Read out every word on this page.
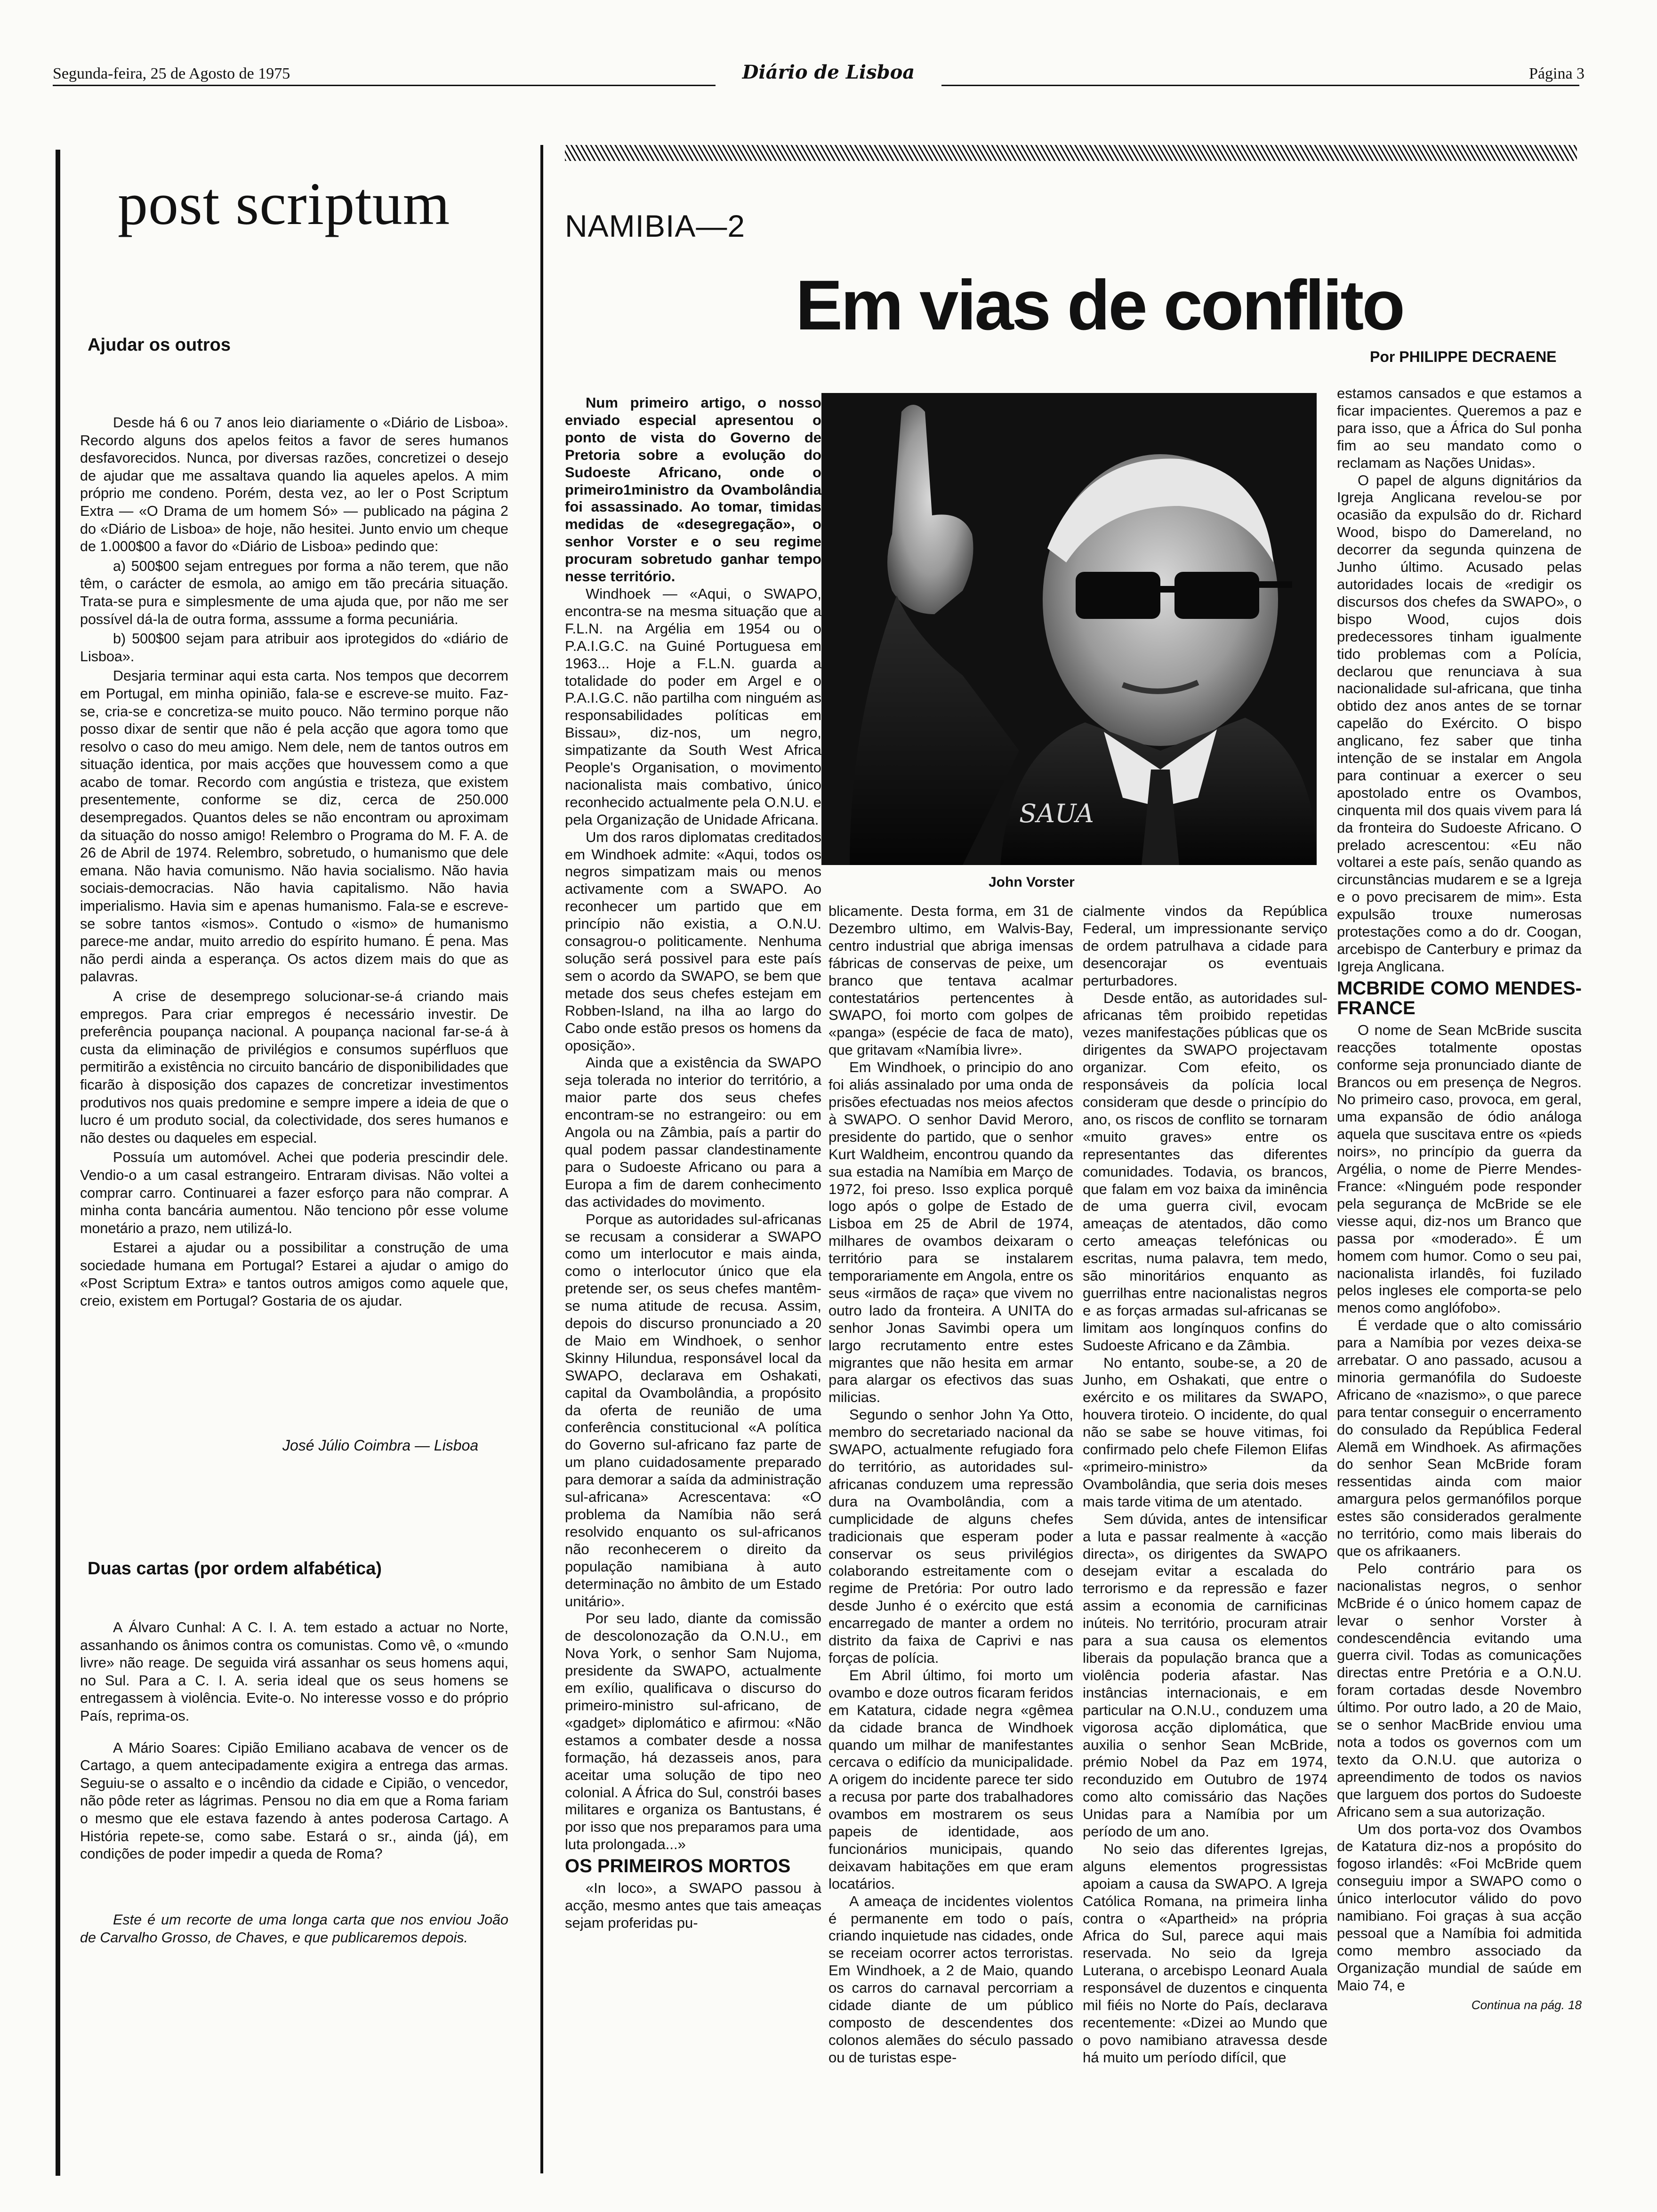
Segunda-feira, 25 de Agosto de 1975	Diário de Lisboa	Página 3
post scriptum
Ajudar os outros

Desde há 6 ou 7 anos leio diariamente o «Diário de Lisboa». Recordo alguns dos apelos feitos a favor de seres humanos desfavorecidos. Nunca, por diversas razões, concretizei o desejo de ajudar que me assaltava quando lia aqueles apelos. A mim próprio me condeno. Porém, desta vez, ao ler o Post Scriptum Extra — «O Drama de um homem Só» — publicado na página 2 do «Diário de Lisboa» de hoje, não hesitei. Junto envio um cheque de 1.000$00 a favor do «Diário de Lisboa» pedindo que:

a) 500$00 sejam entregues por forma a não terem, que não têm, o carácter de esmola, ao amigo em tão precária situação. Trata-se pura e simplesmente de uma ajuda que, por não me ser possível dá-la de outra forma, asssume a forma pecuniária.

b) 500$00 sejam para atribuir aos iprotegidos do «diário de Lisboa».

Desjaria terminar aqui esta carta. Nos tempos que decorrem em Portugal, em minha opinião, fala-se e escreve-se muito. Faz-se, cria-se e concretiza-se muito pouco. Não termino porque não posso dixar de sentir que não é pela acção que agora tomo que resolvo o caso do meu amigo. Nem dele, nem de tantos outros em situação identica, por mais acções que houvessem como a que acabo de tomar. Recordo com angústia e tristeza, que existem presentemente, conforme se diz, cerca de 250.000 desempregados. Quantos deles se não encontram ou aproximam da situação do nosso amigo! Relembro o Programa do M. F. A. de 26 de Abril de 1974. Relembro, sobretudo, o humanismo que dele emana. Não havia comunismo. Não havia socialismo. Não havia sociais-democracias. Não havia capitalismo. Não havia imperialismo. Havia sim e apenas humanismo. Fala-se e escreve-se sobre tantos «ismos». Contudo o «ismo» de humanismo parece-me andar, muito arredio do espírito humano. É pena. Mas não perdi ainda a esperança. Os actos dizem mais do que as palavras.

A crise de desemprego solucionar-se-á criando mais empregos. Para criar empregos é necessário investir. De preferência poupança nacional. A poupança nacional far-se-á à custa da eliminação de privilégios e consumos supérfluos que permitirão a existência no circuito bancário de disponibilidades que ficarão à disposição dos capazes de concretizar investimentos produtivos nos quais predomine e sempre impere a ideia de que o lucro é um produto social, da colectividade, dos seres humanos e não destes ou daqueles em especial.

Possuía um automóvel. Achei que poderia prescindir dele. Vendio-o a um casal estrangeiro. Entraram divisas. Não voltei a comprar carro. Continuarei a fazer esforço para não comprar. A minha conta bancária aumentou. Não tenciono pôr esse volume monetário a prazo, nem utilizá-lo.

Estarei a ajudar ou a possibilitar a construção de uma sociedade humana em Portugal? Estarei a ajudar o amigo do «Post Scriptum Extra» e tantos outros amigos como aquele que, creio, existem em Portugal? Gostaria de os ajudar.

José Júlio Coimbra — Lisboa
Duas cartas (por ordem alfabética)

A Álvaro Cunhal: A C. I. A. tem estado a actuar no Norte, assanhando os ânimos contra os comunistas. Como vê, o «mundo livre» não reage. De seguida virá assanhar os seus homens aqui, no Sul. Para a C. I. A. seria ideal que os seus homens se entregassem à violência. Evite-o. No interesse vosso e do próprio País, reprima-os.

A Mário Soares: Cipião Emiliano acabava de vencer os de Cartago, a quem antecipadamente exigira a entrega das armas. Seguiu-se o assalto e o incêndio da cidade e Cipião, o vencedor, não pôde reter as lágrimas. Pensou no dia em que a Roma fariam o mesmo que ele estava fazendo à antes poderosa Cartago. A História repete-se, como sabe. Estará o sr., ainda (já), em condições de poder impedir a queda de Roma?

Este é um recorte de uma longa carta que nos enviou João de Carvalho Grosso, de Chaves, e que publicaremos depois.
NAMIBIA—2
Em vias de conflito
Por PHILIPPE DECRAENE
SAUA
John Vorster

Num primeiro artigo, o nosso enviado especial apresentou o ponto de vista do Governo de Pretoria sobre a evolução do Sudoeste Africano, onde o primeiro1ministro da Ovambolândia foi assassinado. Ao tomar, timidas medidas de «desegregação», o senhor Vorster e o seu regime procuram sobretudo ganhar tempo nesse território.

Windhoek — «Aqui, o SWAPO, encontra-se na mesma situação que a F.L.N. na Argélia em 1954 ou o P.A.I.G.C. na Guiné Portuguesa em 1963... Hoje a F.L.N. guarda a totalidade do poder em Argel e o P.A.I.G.C. não partilha com ninguém as responsabilidades políticas em Bissau», diz-nos, um negro, simpatizante da South West Africa People's Organisation, o movimento nacionalista mais combativo, único reconhecido actualmente pela O.N.U. e pela Organização de Unidade Africana.

Um dos raros diplomatas creditados em Windhoek admite: «Aqui, todos os negros simpatizam mais ou menos activamente com a SWAPO. Ao reconhecer um partido que em princípio não existia, a O.N.U. consagrou-o politicamente. Nenhuma solução será possivel para este país sem o acordo da SWAPO, se bem que metade dos seus chefes estejam em Robben-Island, na ilha ao largo do Cabo onde estão presos os homens da oposição».

Ainda que a existência da SWAPO seja tolerada no interior do território, a maior parte dos seus chefes encontram-se no estrangeiro: ou em Angola ou na Zâmbia, país a partir do qual podem passar clandestinamente para o Sudoeste Africano ou para a Europa a fim de darem conhecimento das actividades do movimento.

Porque as autoridades sul-africanas se recusam a considerar a SWAPO como um interlocutor e mais ainda, como o interlocutor único que ela pretende ser, os seus chefes mantêm-se numa atitude de recusa. Assim, depois do discurso pronunciado a 20 de Maio em Windhoek, o senhor Skinny Hilundua, responsável local da SWAPO, declarava em Oshakati, capital da Ovambolândia, a propósito da oferta de reunião de uma conferência constitucional «A política do Governo sul-africano faz parte de um plano cuidadosamente preparado para demorar a saída da administração sul-africana» Acrescentava: «O problema da Namíbia não será resolvido enquanto os sul-africanos não reconhecerem o direito da população namibiana à auto determinação no âmbito de um Estado unitário».

Por seu lado, diante da comissão de descolonozação da O.N.U., em Nova York, o senhor Sam Nujoma, presidente da SWAPO, actualmente em exílio, qualificava o discurso do primeiro-ministro sul-africano, de «gadget» diplomático e afirmou: «Não estamos a combater desde a nossa formação, há dezasseis anos, para aceitar uma solução de tipo neo colonial. A África do Sul, constrói bases militares e organiza os Bantustans, é por isso que nos preparamos para uma luta prolongada...»

OS PRIMEIROS MORTOS

«In loco», a SWAPO passou à acção, mesmo antes que tais ameaças sejam proferidas pu-

blicamente. Desta forma, em 31 de Dezembro ultimo, em Walvis-Bay, centro industrial que abriga imensas fábricas de conservas de peixe, um branco que tentava acalmar contestatários pertencentes à SWAPO, foi morto com golpes de «panga» (espécie de faca de mato), que gritavam «Namíbia livre».

Em Windhoek, o principio do ano foi aliás assinalado por uma onda de prisões efectuadas nos meios afectos à SWAPO. O senhor David Meroro, presidente do partido, que o senhor Kurt Waldheim, encontrou quando da sua estadia na Namíbia em Março de 1972, foi preso. Isso explica porquê logo após o golpe de Estado de Lisboa em 25 de Abril de 1974, milhares de ovambos deixaram o território para se instalarem temporariamente em Angola, entre os seus «irmãos de raça» que vivem no outro lado da fronteira. A UNITA do senhor Jonas Savimbi opera um largo recrutamento entre estes migrantes que não hesita em armar para alargar os efectivos das suas milicias.

Segundo o senhor John Ya Otto, membro do secretariado nacional da SWAPO, actualmente refugiado fora do território, as autoridades sul-africanas conduzem uma repressão dura na Ovambolândia, com a cumplicidade de alguns chefes tradicionais que esperam poder conservar os seus privilégios colaborando estreitamente com o regime de Pretória: Por outro lado desde Junho é o exército que está encarregado de manter a ordem no distrito da faixa de Caprivi e nas forças de polícia.

Em Abril último, foi morto um ovambo e doze outros ficaram feridos em Katatura, cidade negra «gêmea da cidade branca de Windhoek quando um milhar de manifestantes cercava o edifício da municipalidade. A origem do incidente parece ter sido a recusa por parte dos trabalhadores ovambos em mostrarem os seus papeis de identidade, aos funcionários municipais, quando deixavam habitações em que eram locatários.

A ameaça de incidentes violentos é permanente em todo o país, criando inquietude nas cidades, onde se receiam ocorrer actos terroristas. Em Windhoek, a 2 de Maio, quando os carros do carnaval percorriam a cidade diante de um público composto de descendentes dos colonos alemães do século passado ou de turistas espe-

cialmente vindos da República Federal, um impressionante serviço de ordem patrulhava a cidade para desencorajar os eventuais perturbadores.

Desde então, as autoridades sul-africanas têm proibido repetidas vezes manifestações públicas que os dirigentes da SWAPO projectavam organizar. Com efeito, os responsáveis da polícia local consideram que desde o princípio do ano, os riscos de conflito se tornaram «muito graves» entre os representantes das diferentes comunidades. Todavia, os brancos, que falam em voz baixa da iminência de uma guerra civil, evocam ameaças de atentados, dão como certo ameaças telefónicas ou escritas, numa palavra, tem medo, são minoritários enquanto as guerrilhas entre nacionalistas negros e as forças armadas sul-africanas se limitam aos longínquos confins do Sudoeste Africano e da Zâmbia.

No entanto, soube-se, a 20 de Junho, em Oshakati, que entre o exército e os militares da SWAPO, houvera tiroteio. O incidente, do qual não se sabe se houve vitimas, foi confirmado pelo chefe Filemon Elifas «primeiro-ministro» da Ovambolândia, que seria dois meses mais tarde vitima de um atentado.

Sem dúvida, antes de intensificar a luta e passar realmente à «acção directa», os dirigentes da SWAPO desejam evitar a escalada do terrorismo e da repressão e fazer assim a economia de carnificinas inúteis. No território, procuram atrair para a sua causa os elementos liberais da população branca que a violência poderia afastar. Nas instâncias internacionais, e em particular na O.N.U., conduzem uma vigorosa acção diplomática, que auxilia o senhor Sean McBride, prémio Nobel da Paz em 1974, reconduzido em Outubro de 1974 como alto comissário das Nações Unidas para a Namíbia por um período de um ano.

No seio das diferentes Igrejas, alguns elementos progressistas apoiam a causa da SWAPO. A Igreja Católica Romana, na primeira linha contra o «Apartheid» na própria Africa do Sul, parece aqui mais reservada. No seio da Igreja Luterana, o arcebispo Leonard Auala responsável de duzentos e cinquenta mil fiéis no Norte do País, declarava recentemente: «Dizei ao Mundo que o povo namibiano atravessa desde há muito um período difícil, que

estamos cansados e que estamos a ficar impacientes. Queremos a paz e para isso, que a África do Sul ponha fim ao seu mandato como o reclamam as Nações Unidas».

O papel de alguns dignitários da Igreja Anglicana revelou-se por ocasião da expulsão do dr. Richard Wood, bispo do Damereland, no decorrer da segunda quinzena de Junho último. Acusado pelas autoridades locais de «redigir os discursos dos chefes da SWAPO», o bispo Wood, cujos dois predecessores tinham igualmente tido problemas com a Polícia, declarou que renunciava à sua nacionalidade sul-africana, que tinha obtido dez anos antes de se tornar capelão do Exército. O bispo anglicano, fez saber que tinha intenção de se instalar em Angola para continuar a exercer o seu apostolado entre os Ovambos, cinquenta mil dos quais vivem para lá da fronteira do Sudoeste Africano. O prelado acrescentou: «Eu não voltarei a este país, senão quando as circunstâncias mudarem e se a Igreja e o povo precisarem de mim». Esta expulsão trouxe numerosas protestações como a do dr. Coogan, arcebispo de Canterbury e primaz da Igreja Anglicana.

MCBRIDE COMO MENDES-FRANCE

O nome de Sean McBride suscita reacções totalmente opostas conforme seja pronunciado diante de Brancos ou em presença de Negros. No primeiro caso, provoca, em geral, uma expansão de ódio análoga aquela que suscitava entre os «pieds noirs», no princípio da guerra da Argélia, o nome de Pierre Mendes-France: «Ninguém pode responder pela segurança de McBride se ele viesse aqui, diz-nos um Branco que passa por «moderado». É um homem com humor. Como o seu pai, nacionalista irlandês, foi fuzilado pelos ingleses ele comporta-se pelo menos como anglófobo».

É verdade que o alto comissário para a Namíbia por vezes deixa-se arrebatar. O ano passado, acusou a minoria germanófila do Sudoeste Africano de «nazismo», o que parece para tentar conseguir o encerramento do consulado da República Federal Alemã em Windhoek. As afirmações do senhor Sean McBride foram ressentidas ainda com maior amargura pelos germanófilos porque estes são considerados geralmente no território, como mais liberais do que os afrikaaners.

Pelo contrário para os nacionalistas negros, o senhor McBride é o único homem capaz de levar o senhor Vorster à condescendência evitando uma guerra civil. Todas as comunicações directas entre Pretória e a O.N.U. foram cortadas desde Novembro último. Por outro lado, a 20 de Maio, se o senhor MacBride enviou uma nota a todos os governos com um texto da O.N.U. que autoriza o apreendimento de todos os navios que larguem dos portos do Sudoeste Africano sem a sua autorização.

Um dos porta-voz dos Ovambos de Katatura diz-nos a propósito do fogoso irlandês: «Foi McBride quem conseguiu impor a SWAPO como o único interlocutor válido do povo namibiano. Foi graças à sua acção pessoal que a Namíbia foi admitida como membro associado da Organização mundial de saúde em Maio 74, e

Continua na pág. 18
